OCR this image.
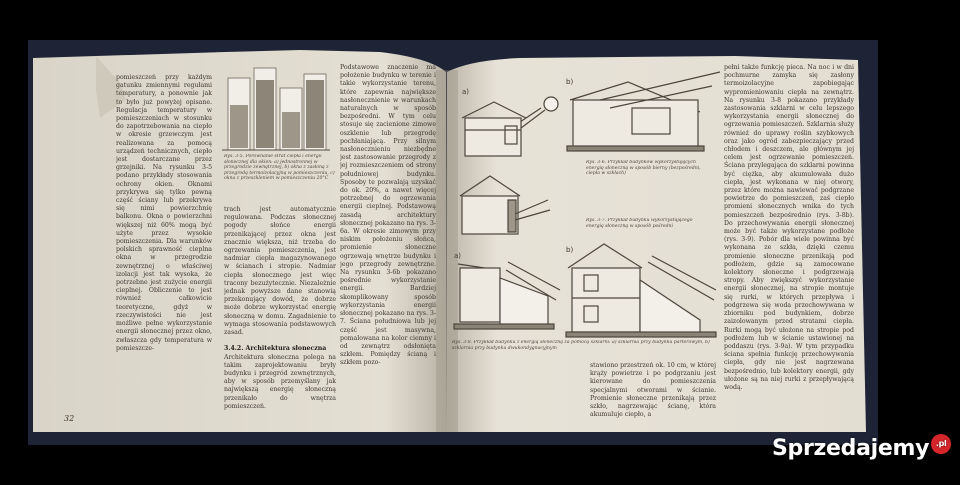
pomieszczeń przy każdym gatunku zmiennymi regułami temperatury, a ponownie jak to było już powyżej opisane. Regulacja temperatury w pomieszczeniach w stosunku do zapotrzebowania na ciepło w okresie grzewczym jest realizowana za pomocą urządzeń technicznych, ciepło jest dostarczane przez grzejniki. Na rysunku 3-5 podano przykłady stosowania ochrony okien. Oknami przykrywa się tylko pewną część ściany lub przekrywa się nimi powierzchnię balkonu. Okna o powierzchni większej niż 60% mogą być użyte przez wysokie pomieszczenia. Dla warunków polskich sprawność cieplna okna w przegrodzie zewnętrznej o właściwej izolacji jest tak wysoka, że potrzebne jest zużycie energii cieplnej. Obliczenie to jest również całkowicie teoretyczne, gdyż w rzeczywistości nie jest możliwe pełne wykorzystanie energii słonecznej przez okno, zwłaszcza gdy temperatura w pomieszcze-
Rys. 3-5. Porównanie strat ciepła i energii słonecznej dla okien: a) jednostronnej w przegrodzie zewnętrznej, b) okna z zasłoną z przegrodą termoizolacyjną w pomieszczeniu, c) okna z przeszkleniem w pomieszczeniu 20°C
trach jest automatycznie regulowana. Podczas słonecznej pogody słońce energii przenikającej przez okna jest znacznie większa, niż trzeba do ogrzewania pomieszczenia, jest nadmiar ciepła magazynowanego w ścianach i stropie. Nadmiar ciepła słonecznego jest więc tracony bezużytecznie. Niezależnie jednak powyższe dane stanowią przekonujący dowód, że dobrze może dobrze wykorzystać energię słoneczną w domu. Zagadnienie to wymaga stosowania podstawowych zasad.

3.4.2. Architektura słoneczna
Architektura słoneczna polega na takim zaprojektowaniu bryły budynku i przegród zewnętrznych, aby w sposób przemyślany jak największą energię słoneczną przenikało do wnętrza pomieszczeń.
Podstawowe znaczenie ma położenie budynku w terenie i takie wykorzystanie terenu, które zapewnia największe nasłonecznienie w warunkach naturalnych w sposób bezpośredni. W tym celu stosuje się zacienione zimowe oszklenie lub przegrodę pochłaniającą. Przy silnym nasłonecznieniu niezbędne jest zastosowanie przegrody z jej rozmieszczeniem od strony południowej budynku. Sposoby te pozwalają uzyskać do ok. 20%, a nawet więcej potrzebnej do ogrzewania energii cieplnej. Podstawową zasadą architektury słonecznej pokazano na rys. 3-6a. W okresie zimowym przy niskim położeniu słońca, promienie słoneczne ogrzewają wnętrze budynku i jego przegrody zewnętrzne. Na rysunku 3-6b pokazano pośrednie wykorzystanie energii. Bardziej skomplikowany sposób wykorzystania energii słonecznej pokazano na rys. 3-7. Ściana południowa lub jej część jest masywna, pomalowana na kolor ciemny i od zewnątrz odsłonięta szkłem. Pomiędzy ścianą i szkłem pozo-
32
a)
b)
Rys. 3-6. Przykład budynków wykorzystujących energię słoneczną w sposób bierny (bezpośredni, ciepła w szkłach)
Rys. 3-7. Przykład budynku wykorzystującego energię słoneczną w sposób pośredni
a)
b)
Rys. 3-8. Przykład budynku z energią słoneczną za pomocą szklarni: a) szklarnia przy budynku parterowym, b) szklarnia przy budynku dwukondygnacyjnym
stawiono przestrzeń ok. 10 cm, w której krąży powietrze i po podgrzaniu jest kierowane do pomieszczenia specjalnymi otworami w ścianie. Promienie słoneczne przenikają przez szkło, nagrzewając ścianę, która akumuluje ciepło, a
pełni także funkcję pieca. Na noc i w dni pochmurne zamyka się zasłony termoizolacyjne zapobiegając wypromieniowaniu ciepła na zewnątrz. Na rysunku 3-8 pokazano przykłady zastosowania szklarni w celu lepszego wykorzystania energii słonecznej do ogrzewania pomieszczeń. Szklarnia służy również do uprawy roślin szybkowych oraz jako ogród zabezpieczający przed chłodem i deszczem, ale głównym jej celem jest ogrzewanie pomieszczeń. Ściana przylegająca do szklarni powinna być ciężka, aby akumulowała dużo ciepła, jest wykonana w niej otwory, przez które można nawiewać podgrzane powietrze do pomieszczeń, zaś ciepło promieni słonecznych wnika do tych pomieszczeń bezpośrednio (rys. 3-8b). Do przechowywania energii słonecznej może być także wykorzystane podłoże (rys. 3-9). Pobór dla wiele powinna być wykonana ze szkła, dzięki czemu promienie słoneczne przenikają pod podłożem, gdzie są zamocowane kolektory słoneczne i podgrzewają stropy. Aby zwiększyć wykorzystanie energii słonecznej, na stropie montuje się rurki, w których przepływa i podgrzewa się woda przechowywana w zbiorniku pod budynkiem, dobrze zaizolowanym przed stratami ciepła. Rurki mogą być ułożone na stropie pod podłożem lub w ścianie ustawionej na poddaszu (rys. 3-9a). W tym przypadku ściana spełnia funkcję przechowywania ciepła, gdy nie jest nagrzewana bezpośrednio, lub kolektory energii, gdy ułożone są na niej rurki z przepływającą wodą.
Sprzedajemy .pl
